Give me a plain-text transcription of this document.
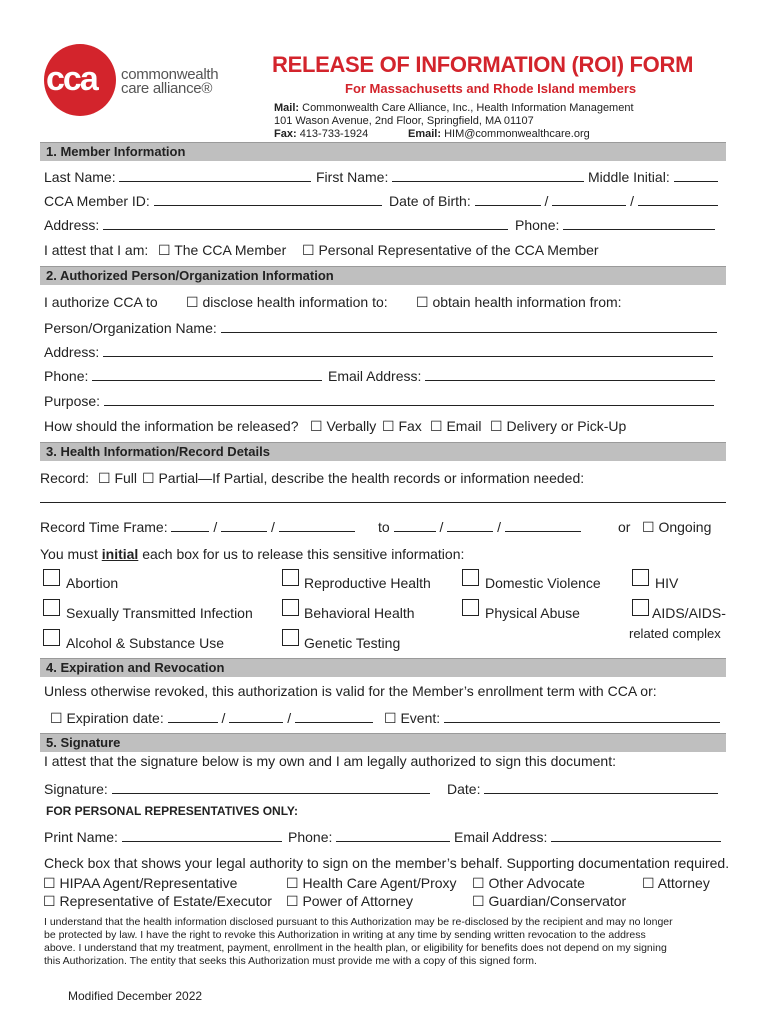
cca commonwealth
care alliance®
RELEASE OF INFORMATION (ROI) FORM
For Massachusetts and Rhode Island members
Mail: Commonwealth Care Alliance, Inc., Health Information Management
101 Wason Avenue, 2nd Floor, Springfield, MA 01107
Fax: 413-733-1924	Email: HIM@commonwealthcare.org
1. Member Information
Last Name:	First Name:	Middle Initial:
CCA Member ID:	Date of Birth:	/	/
Address:	Phone:
I attest that I am: ☐ The CCA Member ☐ Personal Representative of the CCA Member
2. Authorized Person/Organization Information
I authorize CCA to ☐ disclose health information to: ☐ obtain health information from:
Person/Organization Name:
Address:
Phone:	Email Address:
Purpose:
How should the information be released? ☐ Verbally ☐ Fax ☐ Email ☐ Delivery or Pick-Up
3. Health Information/Record Details
Record: ☐ Full ☐ Partial—If Partial, describe the health records or information needed:
Record Time Frame:	/	/	to	/	/	or ☐ Ongoing
You must initial each box for us to release this sensitive information:
Abortion	Reproductive Health	Domestic Violence	HIV
Sexually Transmitted Infection	Behavioral Health	Physical Abuse	AIDS/AIDS-
related complex
Alcohol & Substance Use	Genetic Testing
4. Expiration and Revocation
Unless otherwise revoked, this authorization is valid for the Member’s enrollment term with CCA or:
☐ Expiration date:	/	/	☐ Event:
5. Signature
I attest that the signature below is my own and I am legally authorized to sign this document:
Signature:	Date:
FOR PERSONAL REPRESENTATIVES ONLY:
Print Name:	Phone:	Email Address:
Check box that shows your legal authority to sign on the member’s behalf. Supporting documentation required.
☐ HIPAA Agent/Representative	☐ Health Care Agent/Proxy ☐ Other Advocate	☐ Attorney
☐ Representative of Estate/Executor ☐ Power of Attorney	☐ Guardian/Conservator
I understand that the health information disclosed pursuant to this Authorization may be re-disclosed by the recipient and may no longer
be protected by law. I have the right to revoke this Authorization in writing at any time by sending written revocation to the address
above. I understand that my treatment, payment, enrollment in the health plan, or eligibility for benefits does not depend on my signing
this Authorization. The entity that seeks this Authorization must provide me with a copy of this signed form.
Modified December 2022
